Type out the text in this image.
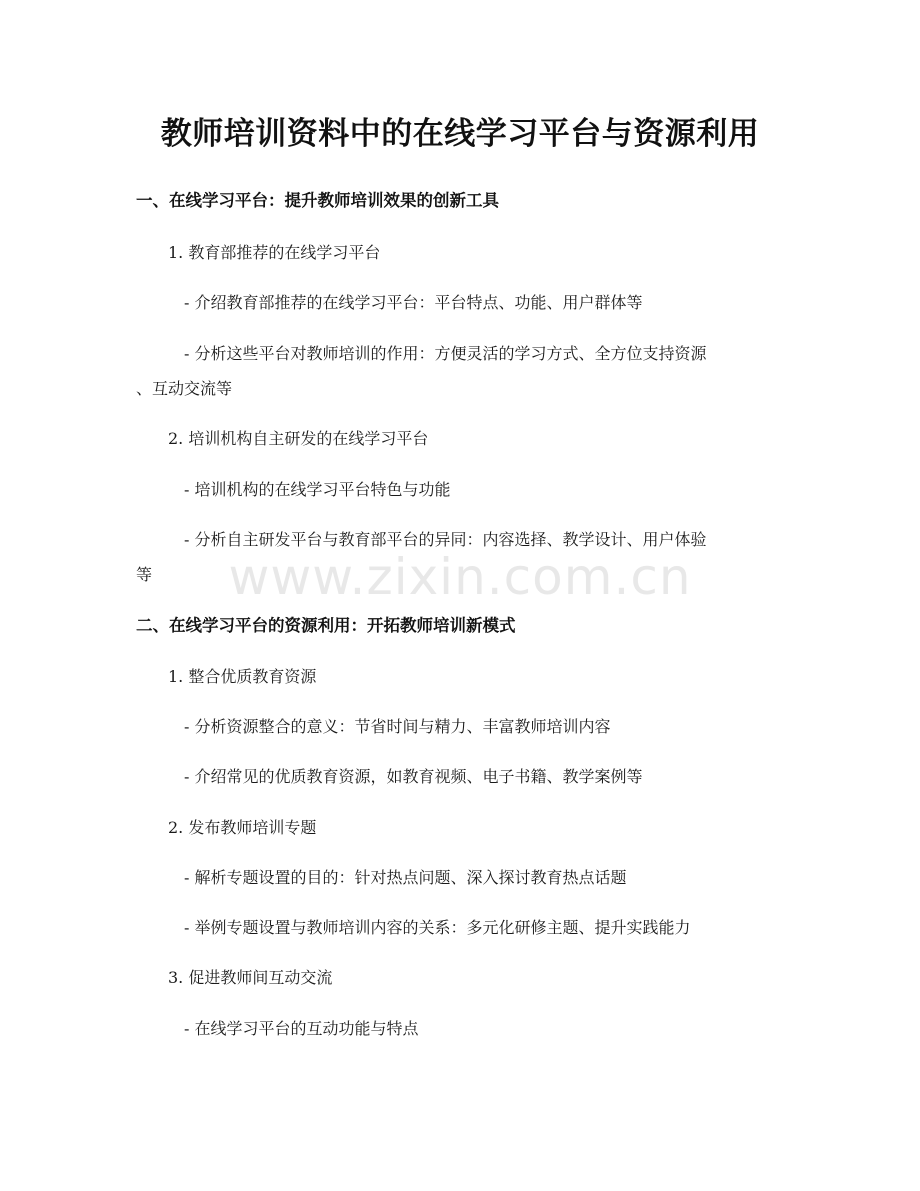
教师培训资料中的在线学习平台与资源利用
一、在线学习平台：提升教师培训效果的创新工具
1. 教育部推荐的在线学习平台
- 介绍教育部推荐的在线学习平台：平台特点、功能、用户群体等
- 分析这些平台对教师培训的作用：方便灵活的学习方式、全方位支持资源
、互动交流等
2. 培训机构自主研发的在线学习平台
- 培训机构的在线学习平台特色与功能
- 分析自主研发平台与教育部平台的异同：内容选择、教学设计、用户体验
等
二、在线学习平台的资源利用：开拓教师培训新模式
1. 整合优质教育资源
- 分析资源整合的意义：节省时间与精力、丰富教师培训内容
- 介绍常见的优质教育资源，如教育视频、电子书籍、教学案例等
2. 发布教师培训专题
- 解析专题设置的目的：针对热点问题、深入探讨教育热点话题
- 举例专题设置与教师培训内容的关系：多元化研修主题、提升实践能力
3. 促进教师间互动交流
- 在线学习平台的互动功能与特点
www.zixin.com.cn
